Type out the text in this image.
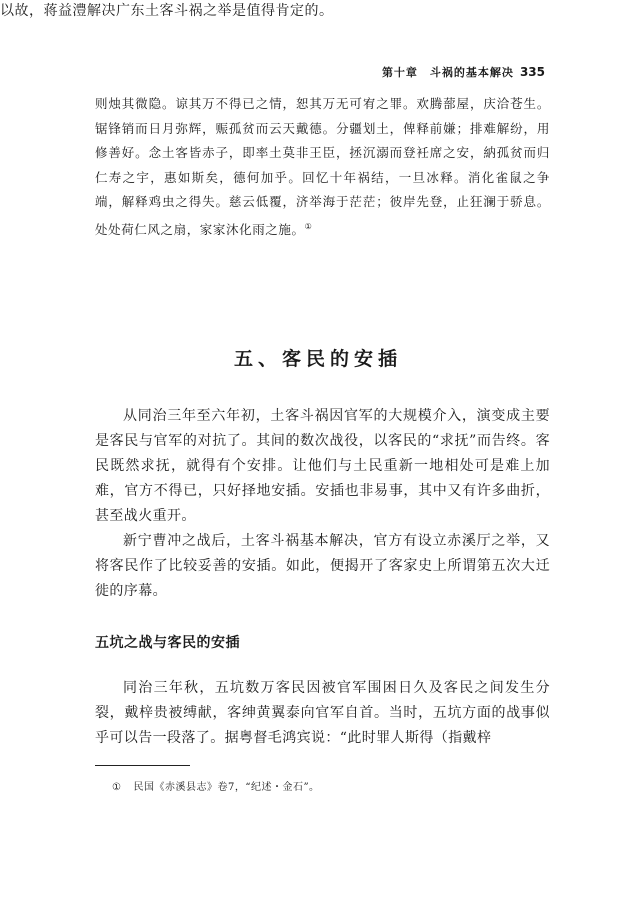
第十章　斗祸的基本解决 335

则烛其微隐。谅其万不得已之情，恕其万无可宥之罪。欢腾蔀屋，庆洽苍生。锯锋销而日月弥辉，赈孤贫而云天戴德。分疆划土，俾释前嫌；排难解纷，用修善好。念土客皆赤子，即率土莫非王臣，拯沉溺而登衽席之安，納孤贫而归仁寿之宇，惠如斯矣，德何加乎。回忆十年祸结，一旦冰释。消化雀鼠之争端，解释鸡虫之得失。慈云低覆，济举海于茫茫；彼岸先登，止狂澜于骄息。处处荷仁风之扇，家家沐化雨之施。①

以故，蒋益澧解决广东土客斗祸之举是值得肯定的。
五、客民的安插

从同治三年至六年初，土客斗祸因官军的大规模介入，演变成主要是客民与官军的对抗了。其间的数次战役，以客民的“求抚”而告终。客民既然求抚，就得有个安排。让他们与土民重新一地相处可是难上加难，官方不得已，只好择地安插。安插也非易事，其中又有许多曲折，甚至战火重开。

新宁曹冲之战后，土客斗祸基本解决，官方有设立赤溪厅之举，又将客民作了比较妥善的安插。如此，便揭开了客家史上所谓第五次大迁徙的序幕。

五坑之战与客民的安插

同治三年秋，五坑数万客民因被官军围困日久及客民之间发生分裂，戴梓贵被缚献，客绅黄翼泰向官军自首。当时，五坑方面的战事似乎可以告一段落了。据粤督毛鸿宾说：“此时罪人斯得（指戴梓

① 民国《赤溪县志》卷7，“纪述・金石”。
